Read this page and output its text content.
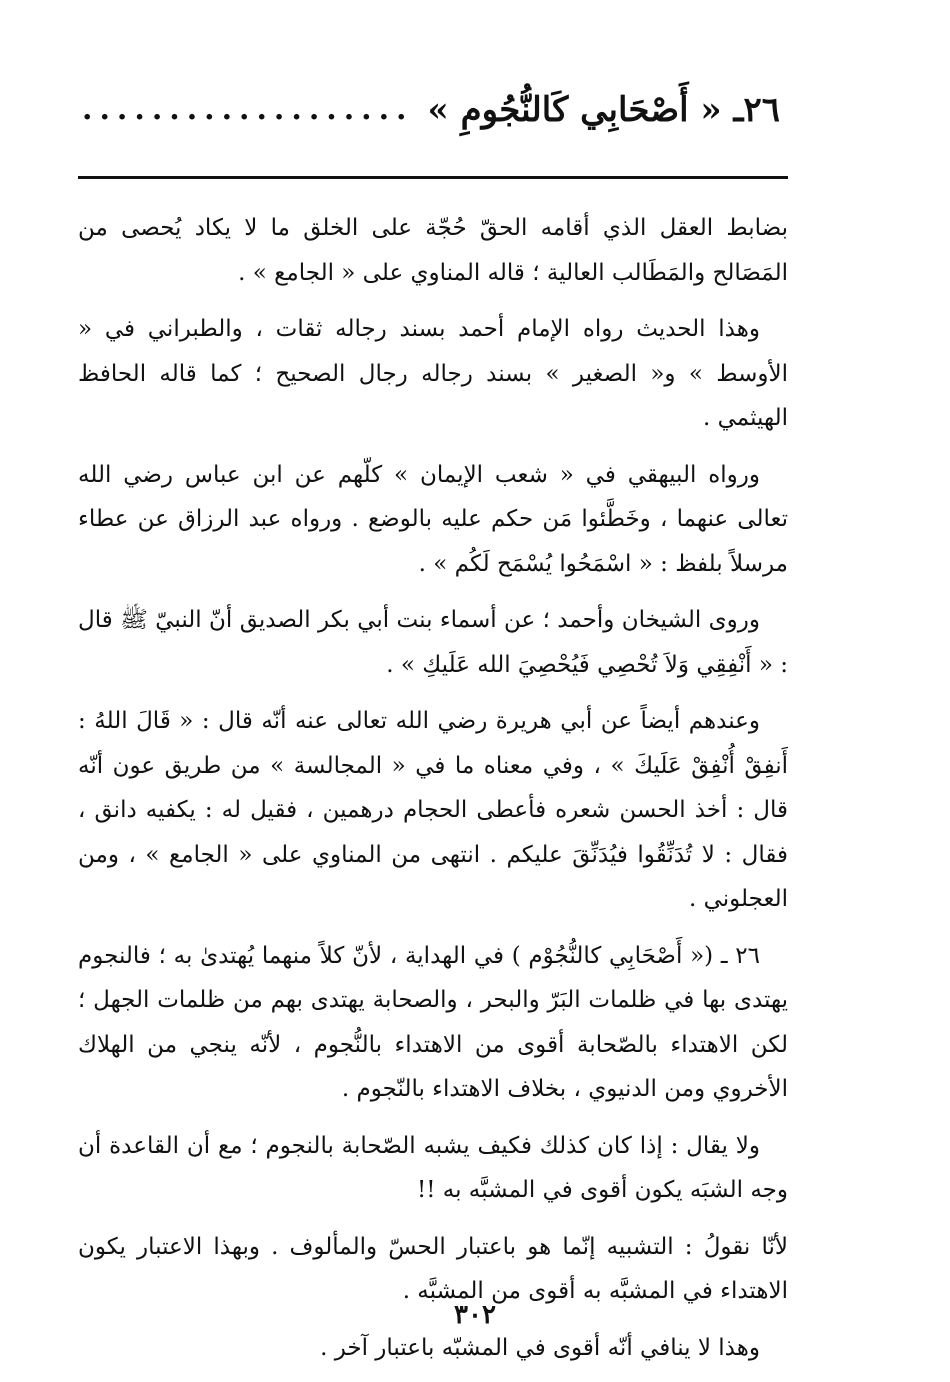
٢٦ـ « أَصْحَابِي كَالنُّجُومِ »
...................

بضابط العقل الذي أقامه الحقّ حُجّة على الخلق ما لا يكاد يُحصى من المَصَالح والمَطَالب العالية ؛ قاله المناوي على « الجامع » .

وهذا الحديث رواه الإمام أحمد بسند رجاله ثقات ، والطبراني في « الأوسط » و« الصغير » بسند رجاله رجال الصحيح ؛ كما قاله الحافظ الهيثمي .

ورواه البيهقي في « شعب الإيمان » كلّهم عن ابن عباس رضي الله تعالى عنهما ، وخَطَّئوا مَن حكم عليه بالوضع . ورواه عبد الرزاق عن عطاء مرسلاً بلفظ : « اسْمَحُوا يُسْمَح لَكُم » .

وروى الشيخان وأحمد ؛ عن أسماء بنت أبي بكر الصديق أنّ النبيّ ﷺ قال : « أَنْفِقِي وَلاَ تُحْصِي فَيُحْصِيَ الله عَلَيكِ » .

وعندهم أيضاً عن أبي هريرة رضي الله تعالى عنه أنّه قال : « قَالَ اللهُ : أَنفِقْ أُنْفِقْ عَلَيكَ » ، وفي معناه ما في « المجالسة » من طريق عون أنّه قال : أخذ الحسن شعره فأعطى الحجام درهمين ، فقيل له : يكفيه دانق ، فقال : لا تُدَنِّقُوا فيُدَنِّقَ عليكم . انتهى من المناوي على « الجامع » ، ومن العجلوني .

٢٦ ـ (« أَصْحَابِي كالنُّجُوْم ) في الهداية ، لأنّ كلاً منهما يُهتدىٰ به ؛ فالنجوم يهتدى بها في ظلمات البَرّ والبحر ، والصحابة يهتدى بهم من ظلمات الجهل ؛ لكن الاهتداء بالصّحابة أقوى من الاهتداء بالنُّجوم ، لأنّه ينجي من الهلاك الأخروي ومن الدنيوي ، بخلاف الاهتداء بالنّجوم .

ولا يقال : إذا كان كذلك فكيف يشبه الصّحابة بالنجوم ؛ مع أن القاعدة أن وجه الشبَه يكون أقوى في المشبَّه به !!

لأنّا نقولُ : التشبيه إنّما هو باعتبار الحسّ والمألوف . وبهذا الاعتبار يكون الاهتداء في المشبَّه به أقوى من المشبَّه .

وهذا لا ينافي أنّه أقوى في المشبّه باعتبار آخر .

٣٠٢
